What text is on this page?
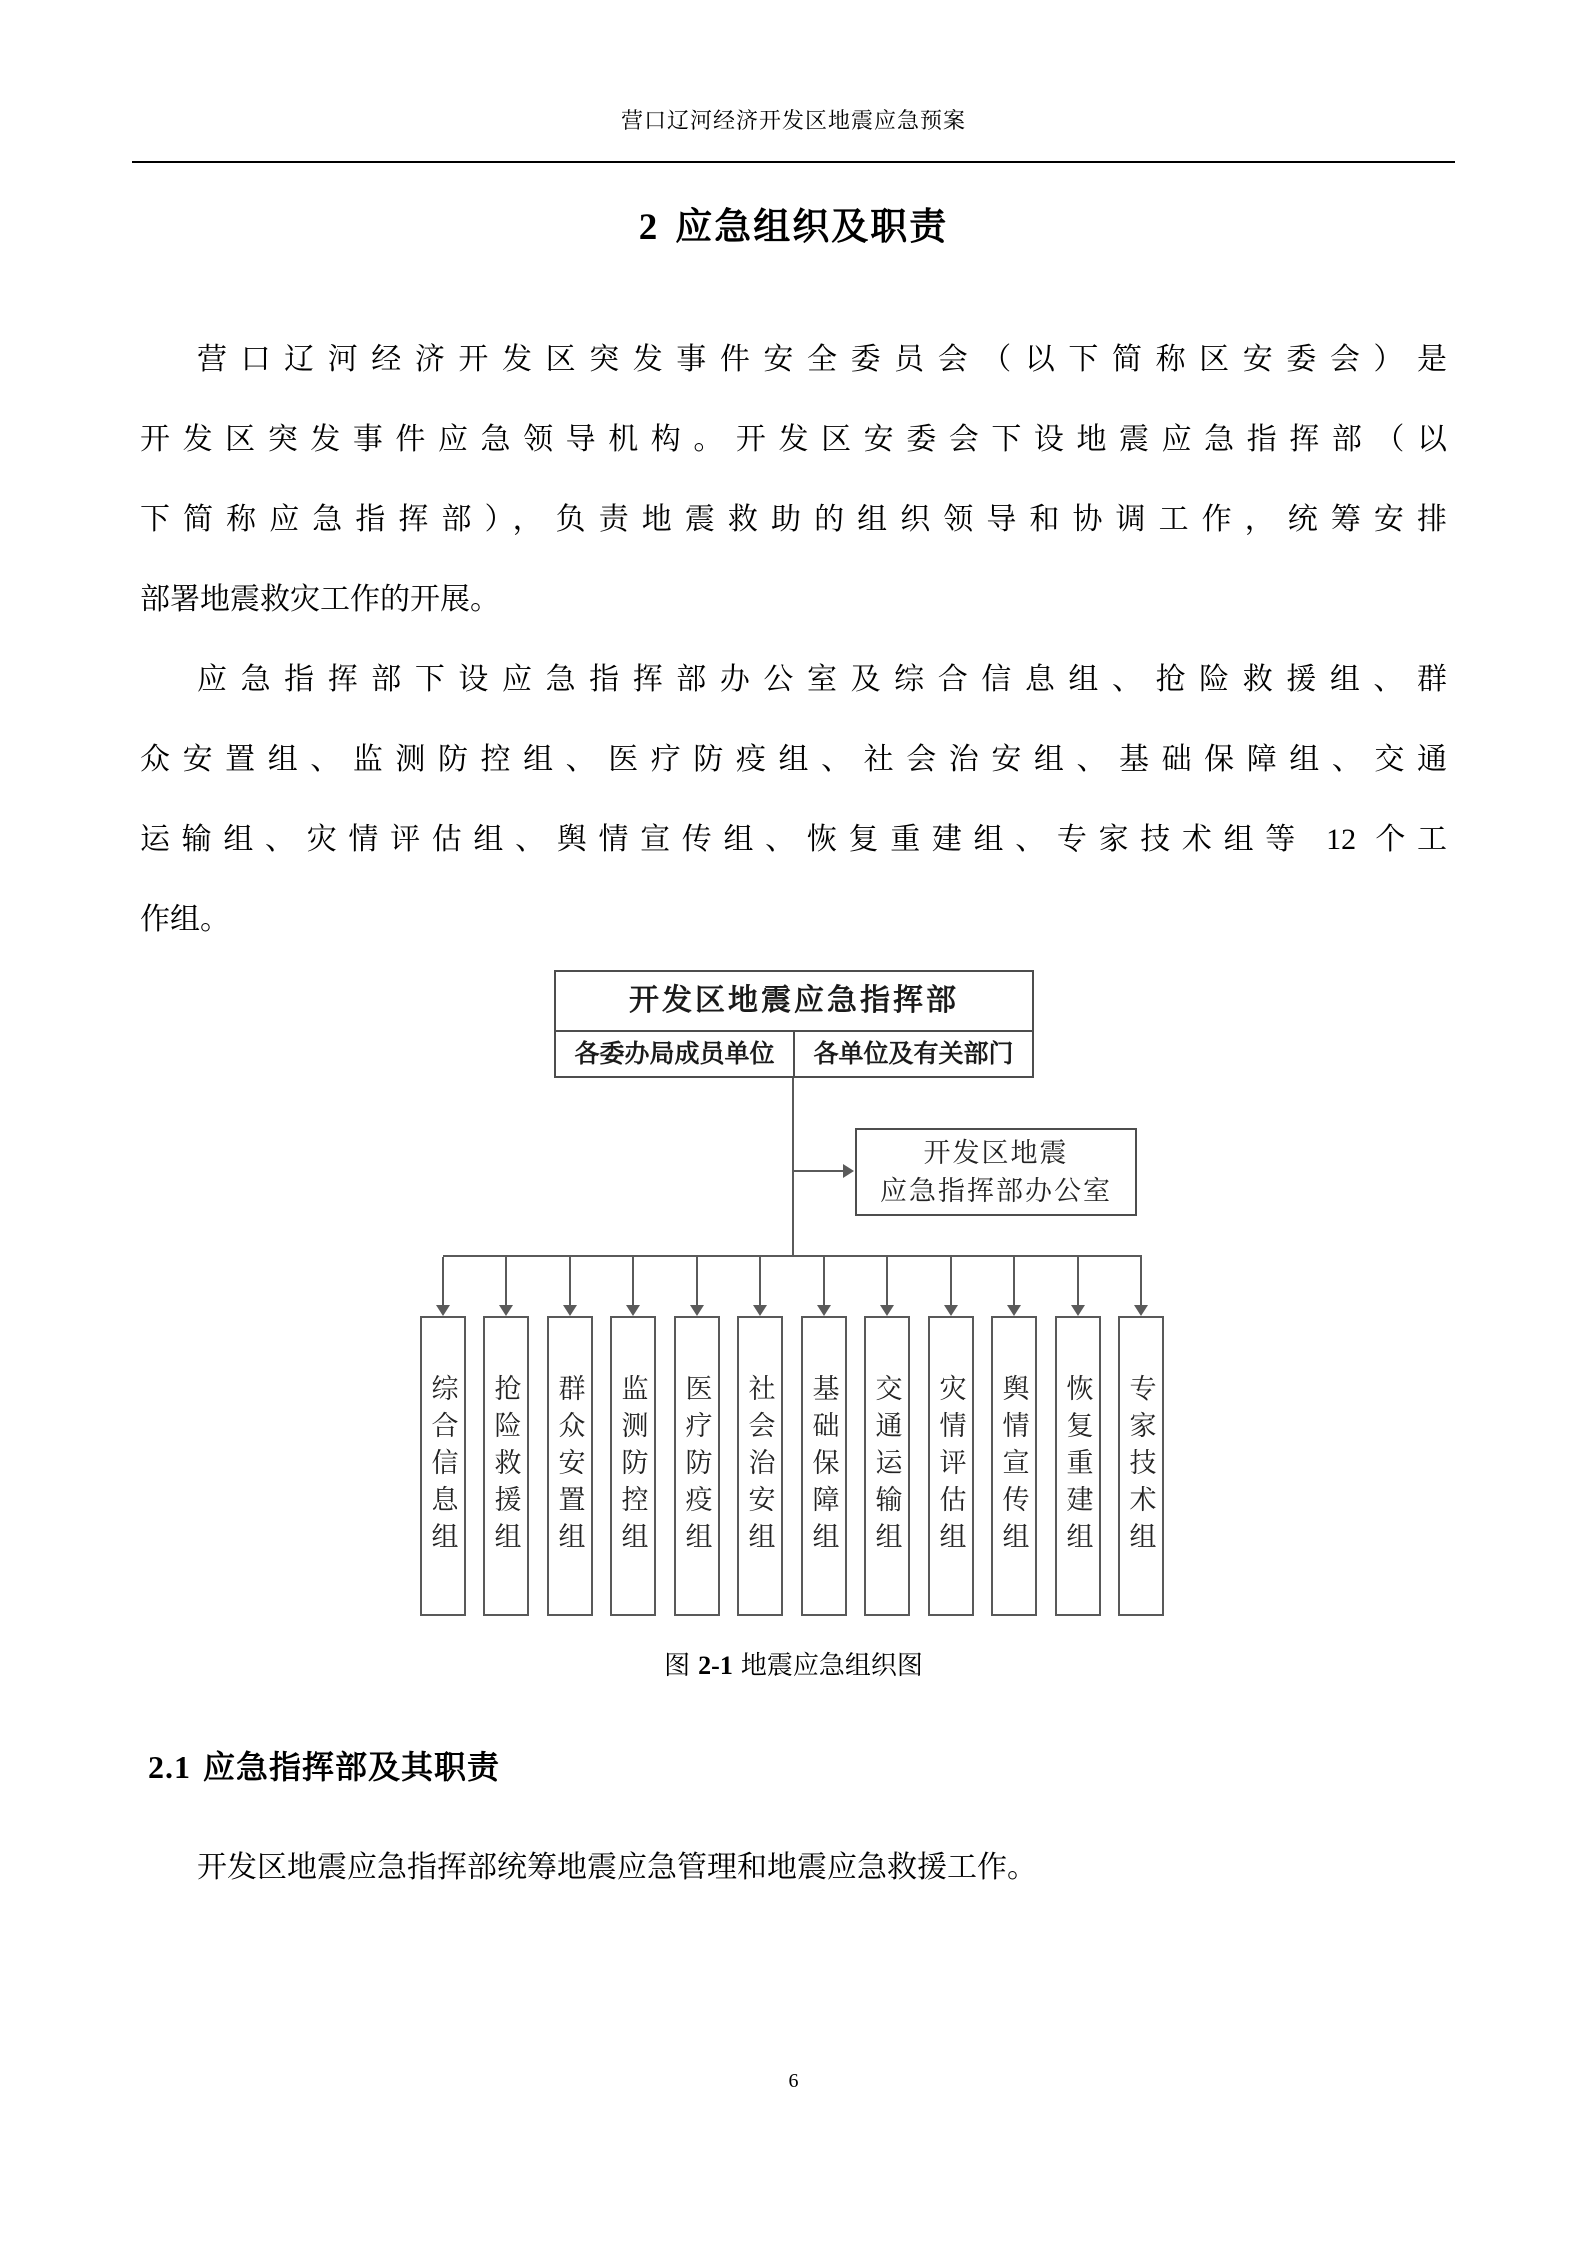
营口辽河经济开发区地震应急预案
2 应急组织及职责
营口辽河经济开发区突发事件安全委员会（以下简称区安委会）是
开发区突发事件应急领导机构。开发区安委会下设地震应急指挥部（以
下简称应急指挥部），负责地震救助的组织领导和协调工作，统筹安排
部署地震救灾工作的开展。
应急指挥部下设应急指挥部办公室及综合信息组、抢险救援组、群
众安置组、监测防控组、医疗防疫组、社会治安组、基础保障组、交通
运输组、灾情评估组、舆情宣传组、恢复重建组、专家技术组等 12 个工
作组。
开发区地震应急指挥部
各委办局成员单位	各单位及有关部门
开发区地震
应急指挥部办公室
综合信息组 抢险救援组 群众安置组 监测防控组 医疗防疫组 社会治安组 基础保障组 交通运输组 灾情评估组 舆情宣传组 恢复重建组 专家技术组
图 2-1 地震应急组织图
2.1 应急指挥部及其职责
开发区地震应急指挥部统筹地震应急管理和地震应急救援工作。
6
